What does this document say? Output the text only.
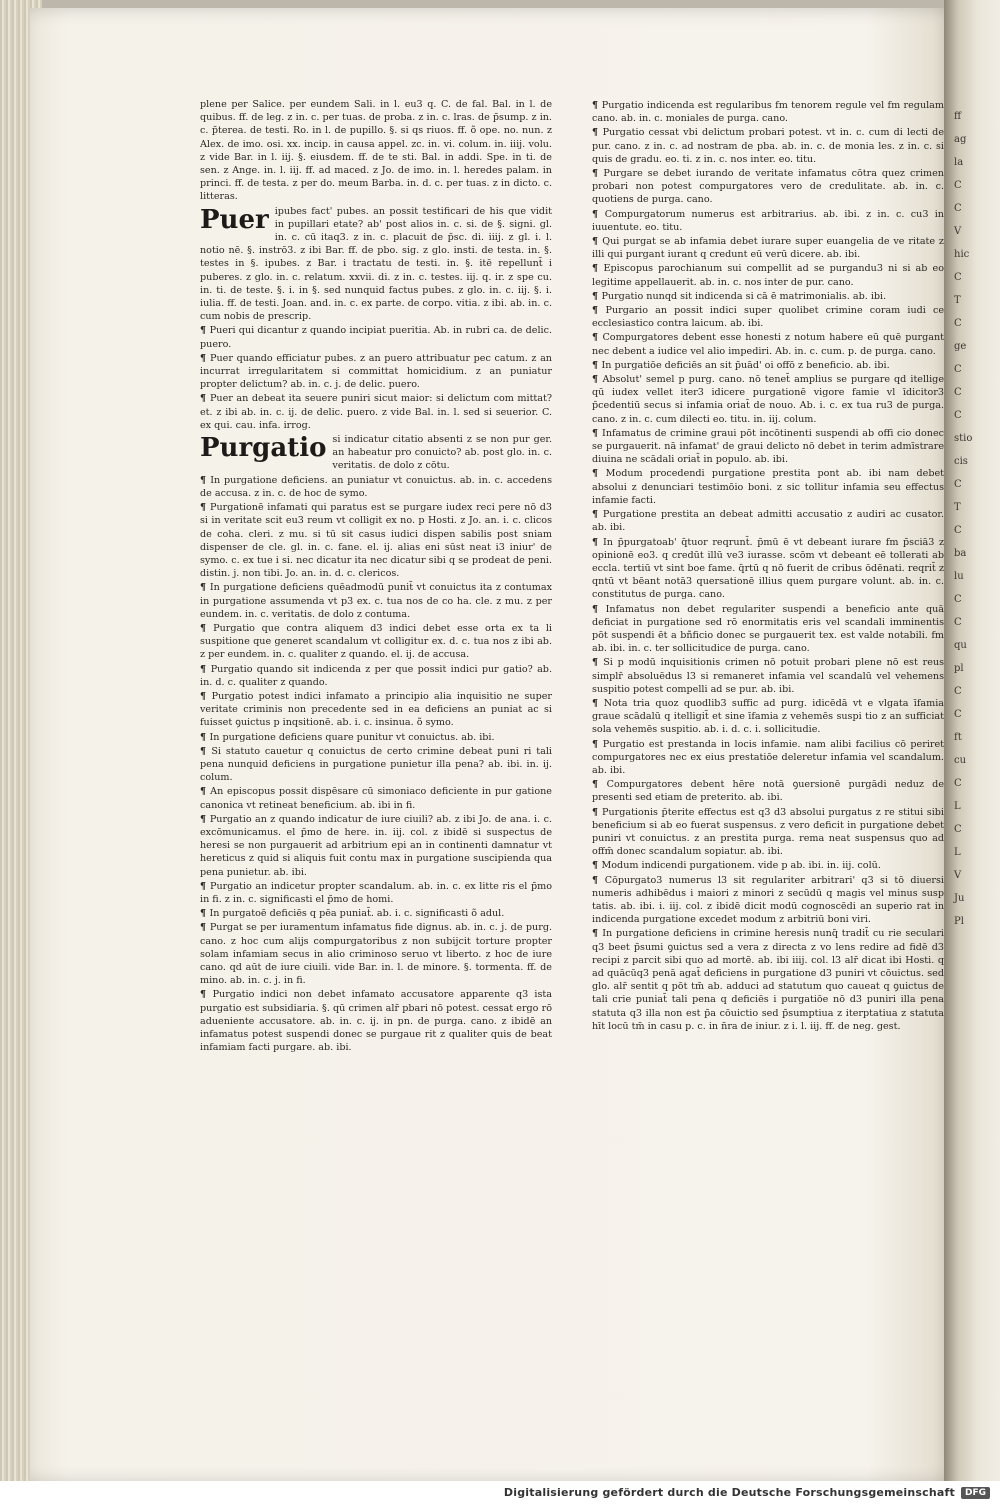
plene per Salice. per eundem Sali. in l. eu3 q. C. de fal. Bal. in l. de quibus. ff. de leg. z in. c. per tuas. de proba. z in. c. lras. de p̄sump. z in. c. p̄terea. de testi. Ro. in l. de pupillo. §. si qs riuos. ff. õ ope. no. nun. z Alex. de imo. osi. xx. incip. in causa appel. zc. in. vi. colum. in. iiij. volu. z vide Bar. in l. iij. §. eiusdem. ff. de te sti. Bal. in addi. Spe. in ti. de sen. z Ange. in. l. iij. ff. ad maced. z Jo. de imo. in. l. heredes palam. in princi. ff. de testa. z per do. meum Barba. in. d. c. per tuas. z in dicto. c. litteras.

Puer ipubes fact' pubes. an possit testificari de his que vidit in pupillari etate? ab' post alios in. c. si. de §. signi. gl. in. c. cū itaq3. z in. c. placuit de p̄sc. di. iiij. z gl. i. l. notio nē. §. instrō3. z ibi Bar. ff. de pbo. sig. z glo. insti. de testa. in. §. testes in §. ipubes. z Bar. i tractatu de testi. in. §. itē repellunt̄ i puberes. z glo. in. c. relatum. xxvii. di. z in. c. testes. iij. q. ir. z spe cu. in. ti. de teste. §. i. in §. sed nunquid factus pubes. z glo. in. c. iij. §. i. iulia. ff. de testi. Joan. and. in. c. ex parte. de corpo. vitia. z ibi. ab. in. c. cum nobis de prescrip.

¶ Pueri qui dicantur z quando incipiat pueritia. Ab. in rubri ca. de delic. puero.

¶ Puer quando efficiatur pubes. z an puero attribuatur pec catum. z an incurrat irregularitatem si committat homicidium. z an puniatur propter delictum? ab. in. c. j. de delic. puero.

¶ Puer an debeat ita seuere puniri sicut maior: si delictum com mittat? et. z ibi ab. in. c. ij. de delic. puero. z vide Bal. in. l. sed si seuerior. C. ex qui. cau. infa. irrog.

Purgatio si indicatur citatio absenti z se non pur ger. an habeatur pro conuicto? ab. post glo. in. c. veritatis. de dolo z cōtu.

¶ In purgatione deficiens. an puniatur vt conuictus. ab. in. c. accedens de accusa. z in. c. de hoc de symo.

¶ Purgationē infamati qui paratus est se purgare iudex reci pere nō d3 si in veritate scit eu3 reum vt colligit ex no. p Hosti. z Jo. an. i. c. clicos de coha. cleri. z mu. si tū sit casus iudici dispen sabilis post sniam dispenser de cle. gl. in. c. fane. el. ij. alias eni sūst neat i3 iniur' de symo. c. ex tue i si. nec dicatur ita nec dicatur sibi q se prodeat de peni. distin. j. non tibi. Jo. an. in. d. c. clericos.

¶ In purgatione deficiens quēadmodū punit̄ vt conuictus ita z contumax in purgatione assumenda vt p3 ex. c. tua nos de co ha. cle. z mu. z per eundem. in. c. veritatis. de dolo z contuma.

¶ Purgatio que contra aliquem d3 indici debet esse orta ex ta li suspitione que generet scandalum vt colligitur ex. d. c. tua nos z ibi ab. z per eundem. in. c. qualiter z quando. el. ij. de accusa.

¶ Purgatio quando sit indicenda z per que possit indici pur gatio? ab. in. d. c. qualiter z quando.

¶ Purgatio potest indici infamato a principio alia inquisitio ne super veritate criminis non precedente sed in ea deficiens an puniat ac si fuisset ꝯuictus p inqsitionē. ab. i. c. insinua. õ symo.

¶ In purgatione deficiens quare punitur vt conuictus. ab. ibi.

¶ Si statuto cauetur q conuictus de certo crimine debeat puni ri tali pena nunquid deficiens in purgatione punietur illa pena? ab. ibi. in. ij. colum.

¶ An episcopus possit dispēsare cū simoniaco deficiente in pur gatione canonica vt retineat beneficium. ab. ibi in fi.

¶ Purgatio an z quando indicatur de iure ciuili? ab. z ibi Jo. de ana. i. c. excōmunicamus. el p̄mo de here. in. iij. col. z ibidē si suspectus de heresi se non purgauerit ad arbitrium epi an in continenti damnatur vt hereticus z quid si aliquis fuit contu max in purgatione suscipienda qua pena punietur. ab. ibi.

¶ Purgatio an indicetur propter scandalum. ab. in. c. ex litte ris el p̄mo in fi. z in. c. significasti el p̄mo de homi.

¶ In purgatoē deficiēs q pēa puniat̄. ab. i. c. significasti õ adul.

¶ Purgat se per iuramentum infamatus fide dignus. ab. in. c. j. de purg. cano. z hoc cum alijs compurgatoribus z non subijcit torture propter solam infamiam secus in alio criminoso seruo vt liberto. z hoc de iure cano. qd aūt de iure ciuili. vide Bar. in. l. de minore. §. tormenta. ff. de mino. ab. in. c. j. in fi.

¶ Purgatio indici non debet infamato accusatore apparente q3 ista purgatio est subsidiaria. §. qū crimen alr̄ pbari nō potest. cessat ergo rō adueniente accusatore. ab. in. c. ij. in pn. de purga. cano. z ibidē an infamatus potest suspendi donec se purgaue rit z qualiter quis de beat infamiam facti purgare. ab. ibi.

¶ Purgatio indicenda est regularibus fm tenorem regule vel fm regulam cano. ab. in. c. moniales de purga. cano.

¶ Purgatio cessat vbi delictum probari potest. vt in. c. cum di lecti de pur. cano. z in. c. ad nostram de pba. ab. in. c. de monia les. z in. c. si quis de gradu. eo. ti. z in. c. nos inter. eo. titu.

¶ Purgare se debet iurando de veritate infamatus cōtra quez crimen probari non potest compurgatores vero de credulitate. ab. in. c. quotiens de purga. cano.

¶ Compurgatorum numerus est arbitrarius. ab. ibi. z in. c. cu3 in iuuentute. eo. titu.

¶ Qui purgat se ab infamia debet iurare super euangelia de ve ritate z illi qui purgant iurant q credunt eū verū dicere. ab. ibi.

¶ Episcopus parochianum sui compellit ad se purgandu3 ni si ab eo legitime appellauerit. ab. in. c. nos inter de pur. cano.

¶ Purgatio nunqd sit indicenda si cā ē matrimonialis. ab. ibi.

¶ Purgario an possit indici super quolibet crimine coram iudi ce ecclesiastico contra laicum. ab. ibi.

¶ Compurgatores debent esse honesti z notum habere eū quē purgant nec debent a iudice vel alio impediri. Ab. in. c. cum. p. de purga. cano.

¶ In purgatiōe deficiēs an sit p̄uād' oi offō z beneficio. ab. ibi.

¶ Absolut' semel p purg. cano. nō tenet̄ amplius se purgare qd itellige qū iudex vellet iter3 idicere purgationē vigore famie vl īdicitor3 p̄cedentiū secus si infamia oriat̄ de nouo. Ab. i. c. ex tua ru3 de purga. cano. z in. c. cum dilecti eo. titu. in. iij. colum.

¶ Infamatus de crimine graui pōt incōtinenti suspendi ab offi cio donec se purgauerit. nā infamat' de graui delicto nō debet in terim admīstrare diuina ne scādali oriat̄ in populo. ab. ibi.

¶ Modum procedendi purgatione prestita pont ab. ibi nam debet absolui z denunciari testimōio boni. z sic tollitur infamia seu effectus infamie facti.

¶ Purgatione prestita an debeat admitti accusatio z audiri ac cusator. ab. ibi.

¶ In p̄purgatoab' q̄tuor reqrunt̄. p̄mū ē vt debeant iurare fm p̄sciā3 z opinionē eo3. q credūt illū ve3 iurasse. scōm vt debeant eē tollerati ab eccla. tertiū vt sint boe fame. q̄rtū q nō fuerit de cribus ōdēnati. reqrit̄ z qntū vt bēant notā3 quersationē illius quem purgare volunt. ab. in. c. constitutus de purga. cano.

¶ Infamatus non debet regulariter suspendi a beneficio ante quā deficiat in purgatione sed rō enormitatis eris vel scandali imminentis pōt suspendi ēt a bñficio donec se purgauerit tex. est valde notabili. fm ab. ibi. in. c. ter sollicitudice de purga. cano.

¶ Si p modū inquisitionis crimen nō potuit probari plene nō est reus simplr̄ absoluēdus l3 si remaneret infamia vel scandalū vel vehemens suspitio potest compelli ad se pur. ab. ibi.

¶ Nota tria quoz quodlib3 suffic ad purg. idicēdā vt e vlgata īfamia graue scādalū q itelligit̄ et sine īfamia z vehemēs suspi tio z an sufficiat sola vehemēs suspitio. ab. i. d. c. i. sollicitudie.

¶ Purgatio est prestanda in locis infamie. nam alibi facilius cō periret compurgatores nec ex eius prestatiōe deleretur infamia vel scandalum. ab. ibi.

¶ Compurgatores debent hēre notā ꝯuersionē purgādi neduz de presenti sed etiam de preterito. ab. ibi.

¶ Purgationis p̄terite effectus est q3 d3 absolui purgatus z re stitui sibi beneficium si ab eo fuerat suspensus. z vero deficit in purgatione debet puniri vt conuictus. z an prestita purga. rema neat suspensus quo ad offm̄ donec scandalum sopiatur. ab. ibi.

¶ Modum indicendi purgationem. vide p ab. ibi. in. iij. colū.

¶ Cōpurgato3 numerus l3 sit regulariter arbitrari' q3 si tō diuersi numeris adhibēdus i maiori z minori z secūdū q magis vel minus susp tatis. ab. ibi. i. iij. col. z ibidē dicit modū cognoscēdi an superio rat in indicenda purgatione excedet modum z arbitriū boni viri.

¶ In purgatione deficiens in crimine heresis nunq̄ tradit̄ cu rie seculari q3 beet p̄sumi ꝯuictus sed a vera z directa z vo lens redire ad fidē d3 recipi z parcit sibi quo ad mortē. ab. ibi iiij. col. l3 alr̄ dicat ibi Hosti. q ad quācūq3 penā agat̄ deficiens in purgatione d3 puniri vt cōuictus. sed glo. alr̄ sentit q pōt tm̄ ab. adduci ad statutum quo caueat q ꝯuictus de tali crie puniat̄ tali pena q deficiēs i purgatiōe nō d3 puniri illa pena statuta q3 illa non est p̄a cōuictio sed p̄sumptiua z iterptatiua z statuta hīt locū tm̄ in casu p. c. in n̄ra de iniur. z i. l. iij. ff. de neg. gest.

ff
ag
la
C
C
V
hic
C
T
C
ge
C
C
C
stio
cis
C
T
C
ba
lu
C
C
qu
pl
C
C
ft
cu
C
L
C
L
V
Ju
Pl
Digitalisierung gefördert durch die Deutsche Forschungsgemeinschaft	DFG
